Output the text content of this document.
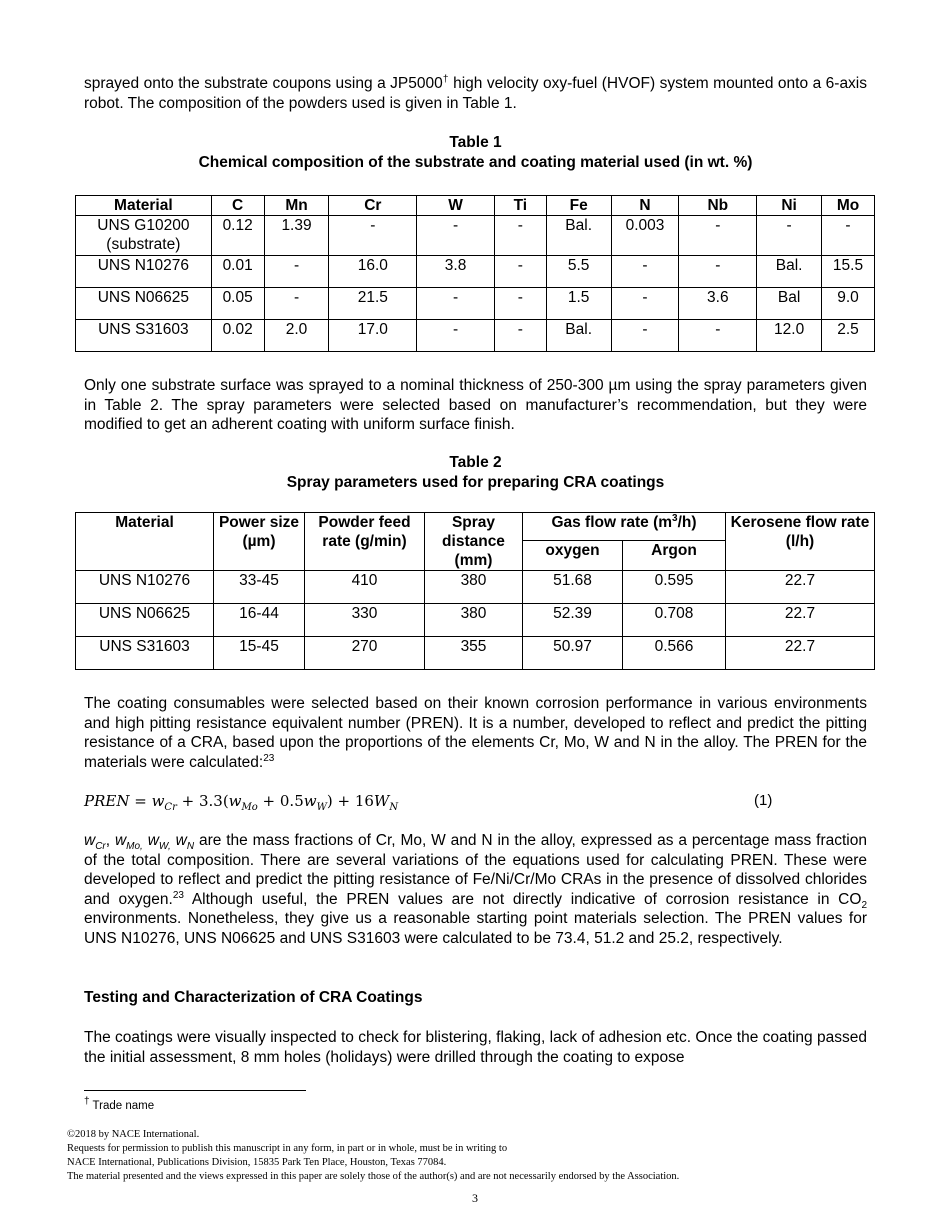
sprayed onto the substrate coupons using a JP5000† high velocity oxy-fuel (HVOF) system mounted onto a 6-axis robot. The composition of the powders used is given in Table 1.

Table 1
Chemical composition of the substrate and coating material used (in wt. %)
Material	C	Mn	Cr	W	Ti	Fe	N	Nb	Ni	Mo
UNS G10200 (substrate)	0.12	1.39	-	-	-	Bal.	0.003	-	-	-
UNS N10276	0.01	-	16.0	3.8	-	5.5	-	-	Bal.	15.5
UNS N06625	0.05	-	21.5	-	-	1.5	-	3.6	Bal	9.0
UNS S31603	0.02	2.0	17.0	-	-	Bal.	-	-	12.0	2.5

Only one substrate surface was sprayed to a nominal thickness of 250-300 µm using the spray parameters given in Table 2. The spray parameters were selected based on manufacturer’s recommendation, but they were modified to get an adherent coating with uniform surface finish.

Table 2
Spray parameters used for preparing CRA coatings
Material	Power size (µm)	Powder feed rate (g/min)	Spray distance (mm)	Gas flow rate $(m^3/h)$		Kerosene flow rate (l/h)
				oxygen	Argon	
UNS N10276	33-45	410	380	51.68	0.595	22.7
UNS N06625	16-44	330	380	52.39	0.708	22.7
UNS S31603	15-45	270	355	50.97	0.566	22.7

The coating consumables were selected based on their known corrosion performance in various environments and high pitting resistance equivalent number (PREN). It is a number, developed to reflect and predict the pitting resistance of a CRA, based upon the proportions of the elements Cr, Mo, W and N in the alloy. The PREN for the materials were calculated:$^{23}$

PREN = $w_{Cr} + 3.3(w_{Mo} + 0.5w_W) + 16W_N$	(1)

$w_{Cr}$, $w_{Mo,}$ $w_{W,}$ $w_N$ are the mass fractions of Cr, Mo, W and N in the alloy, expressed as a percentage mass fraction of the total composition. There are several variations of the equations used for calculating PREN. These were developed to reflect and predict the pitting resistance of Fe/Ni/Cr/Mo CRAs in the presence of dissolved chlorides and oxygen.$^{23}$ Although useful, the PREN values are not directly indicative of corrosion resistance in $CO_2$ environments. Nonetheless, they give us a reasonable starting point materials selection. The PREN values for UNS N10276, UNS N06625 and UNS S31603 were calculated to be 73.4, 51.2 and 25.2, respectively.

Testing and Characterization of CRA Coatings

The coatings were visually inspected to check for blistering, flaking, lack of adhesion etc. Once the coating passed the initial assessment, 8 mm holes (holidays) were drilled through the coating to expose

† Trade name
©2018 by NACE International.
Requests for permission to publish this manuscript in any form, in part or in whole, must be in writing to
NACE International, Publications Division, 15835 Park Ten Place, Houston, Texas 77084.
The material presented and the views expressed in this paper are solely those of the author(s) and are not necessarily endorsed by the Association.
3
